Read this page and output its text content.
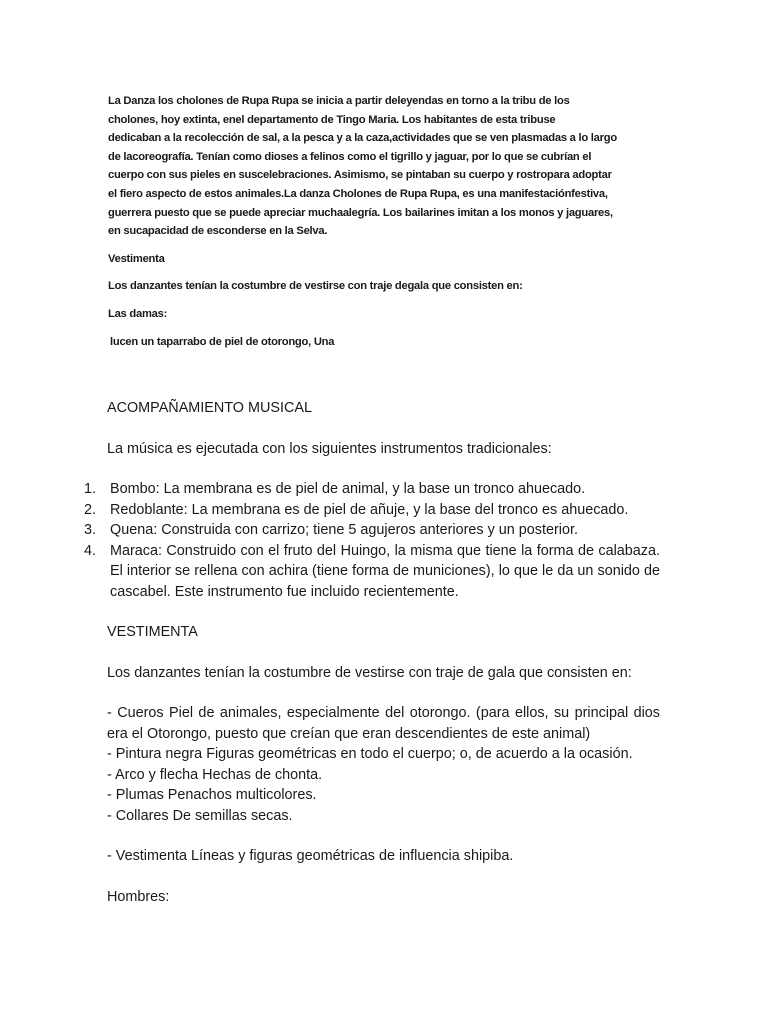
La Danza los cholones de Rupa Rupa se inicia a partir deleyendas en torno a la tribu de los

cholones, hoy extinta, enel departamento de Tingo Maria. Los habitantes de esta tribuse

dedicaban a la recolección de sal, a la pesca y a la caza,actividades que se ven plasmadas a lo largo

de lacoreografía. Tenían como dioses a felinos como el tigrillo y jaguar, por lo que se cubrían el

cuerpo con sus pieles en suscelebraciones. Asimismo, se pintaban su cuerpo y rostropara adoptar

el fiero aspecto de estos animales.La danza Cholones de Rupa Rupa, es una manifestaciónfestiva,

guerrera puesto que se puede apreciar muchaalegría. Los bailarines imitan a los monos y jaguares,

en sucapacidad de esconderse en la Selva.

Vestimenta

Los danzantes tenían la costumbre de vestirse con traje degala que consisten en:

Las damas:

lucen un taparrabo de piel de otorongo, Una

ACOMPAÑAMIENTO MUSICAL

La música es ejecutada con los siguientes instrumentos tradicionales:

1. Bombo: La membrana es de piel de animal, y la base un tronco ahuecado.
2. Redoblante: La membrana es de piel de añuje, y la base del tronco es ahuecado.
3. Quena: Construida con carrizo; tiene 5 agujeros anteriores y un posterior.
4. Maraca: Construido con el fruto del Huingo, la misma que tiene la forma de calabaza. El interior se rellena con achira (tiene forma de municiones), lo que le da un sonido de cascabel. Este instrumento fue incluido recientemente.

VESTIMENTA

Los danzantes tenían la costumbre de vestirse con traje de gala que consisten en:

- Cueros Piel de animales, especialmente del otorongo. (para ellos, su principal dios era el Otorongo, puesto que creían que eran descendientes de este animal)

- Pintura negra Figuras geométricas en todo el cuerpo; o, de acuerdo a la ocasión.

- Arco y flecha Hechas de chonta.

- Plumas Penachos multicolores.

- Collares De semillas secas.

- Vestimenta Líneas y figuras geométricas de influencia shipiba.

Hombres:
